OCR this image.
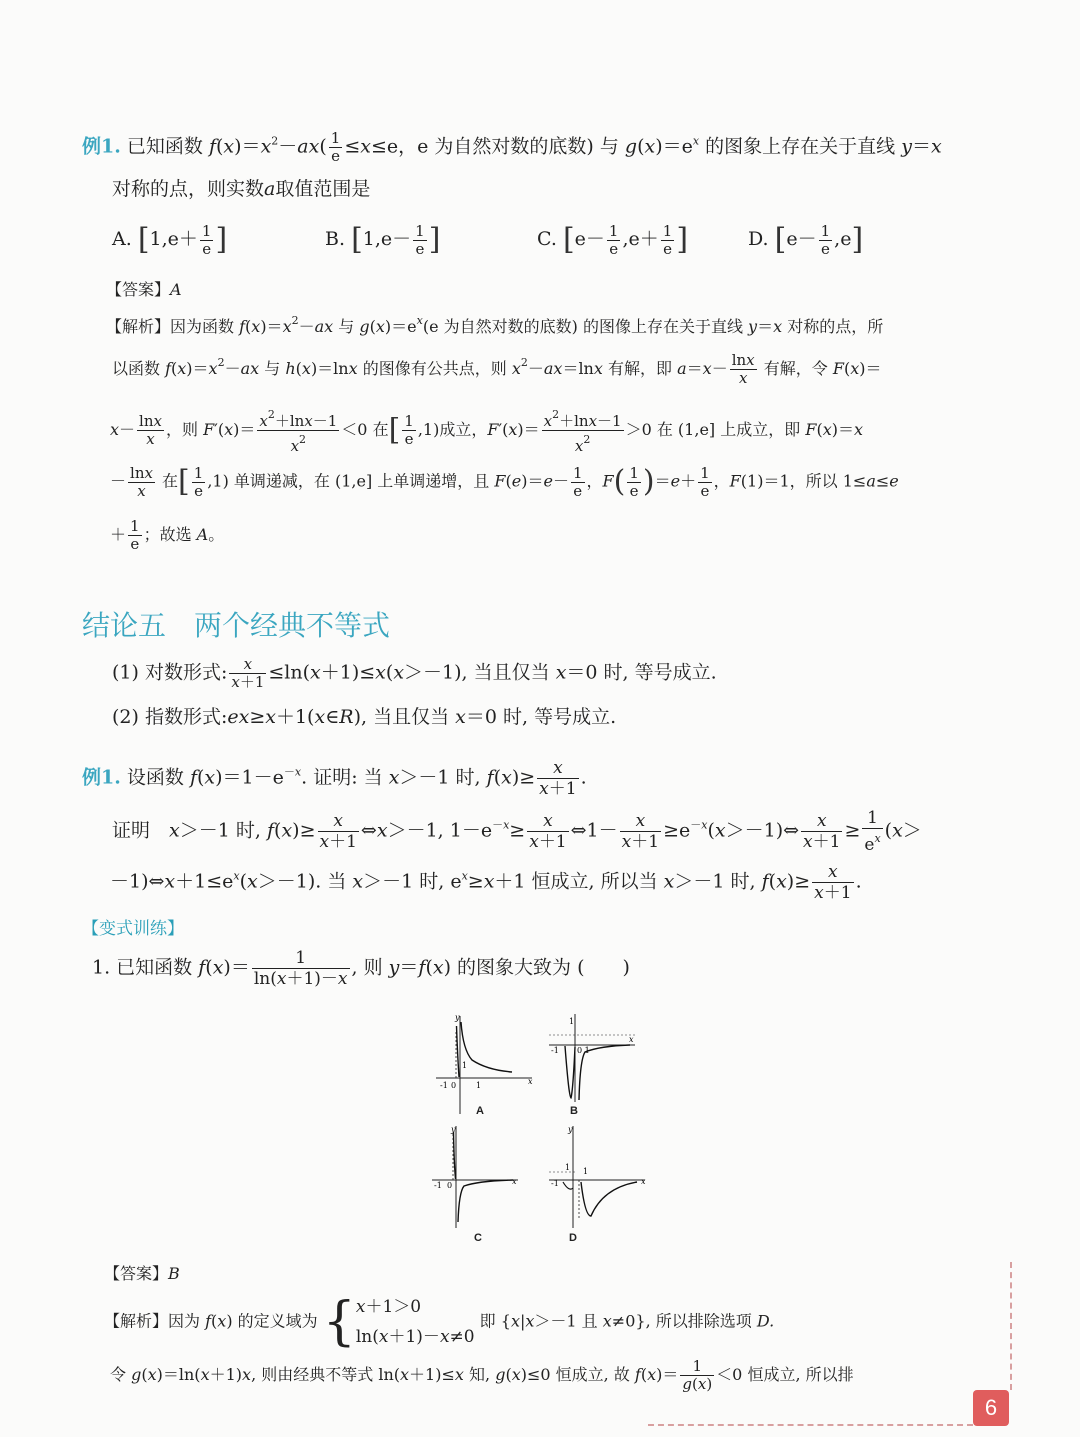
例1. 已知函数 $f(x)=x^2-ax( \frac{1}{e} \le x\le e$，e 为自然对数的底数) 与 $g(x)=e^x$ 的图象上存在关于直线 y＝x
对称的点，则实数a取值范围是
A. [$1,e+ \frac{1}{e}$ ]	B. [$1,e- \frac{1}{e}$ ]	C. [$e- \frac{1}{e} ,e+ \frac{1}{e}$ ]	D. $[e- \frac{1}{e} ,e]$
【答案】A
【解析】因为函数 $f(x)=x^2-ax$ 与 $g(x)=e^x(e$ 为自然对数的底数) 的图像上存在关于直线 y＝x 对称的点，所
以函数 $f(x)=x^2-ax$ 与 h(x)＝lnx 的图像有公共点，则 $x^2-ax=\ln x$ 有解，即 $a=x- \frac{\ln x}{x}$ 有解，令 F(x)＝
$x- \frac{\ln x}{x}$ ，则 $F'(x)= \frac{x^2+\ln x-1}{x^2} <0$ 在[ $\frac{1}{e} ,1$)成立，$F'(x)= \frac{x^2+\ln x-1}{x^2} >0$ 在 (1,e] 上成立，即 F(x)＝x
－ $\frac{\ln x}{x}$ 在[ $\frac{1}{e} ,1$) 单调递减，在 (1,e] 上单调递增，且 $F(e)=e- \frac{1}{e}$ ，$F( \frac{1}{e} )=e+ \frac{1}{e}$ ，F(1)＝1，所以 1≤a≤e
＋ $\frac{1}{e}$ ；故选 A。
结论五　两个经典不等式
(1) 对数形式: $\frac{x}{x+1} \le\ln(x+1)\le x(x>-1)$, 当且仅当 x＝0 时, 等号成立.
(2) 指数形式:ex≥x＋1(x∈R), 当且仅当 x＝0 时, 等号成立.
例1. 设函数 $f(x)=1-e^{-x}$. 证明: 当 x＞－1 时, $f(x)\ge \frac{x}{x+1}$ .
证明　 x＞－1 时, $f(x)\ge \frac{x}{x+1}$ ⇔x＞－1, $1-e^{-x}\ge \frac{x}{x+1}$ ⇔1－ $\frac{x}{x+1}$ $\ge e^{-x}(x>-1)\Leftrightarrow \frac{x}{x+1} \ge \frac{1}{e^x} (x>$
$-1)\Leftrightarrow x+1\le e^x(x>-1)$. 当 x＞－1 时, $e^x\ge x+1$ 恒成立, 所以当 x＞－1 时, $f(x)\ge \frac{x}{x+1}$ .
【变式训练】
1. 已知函数 $f(x)= \frac{1}{\ln(x+1)-x}$ , 则 y＝f(x) 的图象大致为 (　　)
y
x
-1 0 1
1
A
1
x
-1 0 1
B
y
x
-1 0
C
y
x
-1
1 1
D
【答案】B
【解析】因为 f(x) 的定义域为 { x＋1＞0
ln(x＋1)－x≠0
即 {x|x＞－1 且 x≠0}, 所以排除选项 D.
令 g(x)＝ln(x＋1)x, 则由经典不等式 ln(x＋1)≤x 知, g(x)≤0 恒成立, 故 $f(x)= \frac{1}{g(x)} <0$ 恒成立, 所以排
6
